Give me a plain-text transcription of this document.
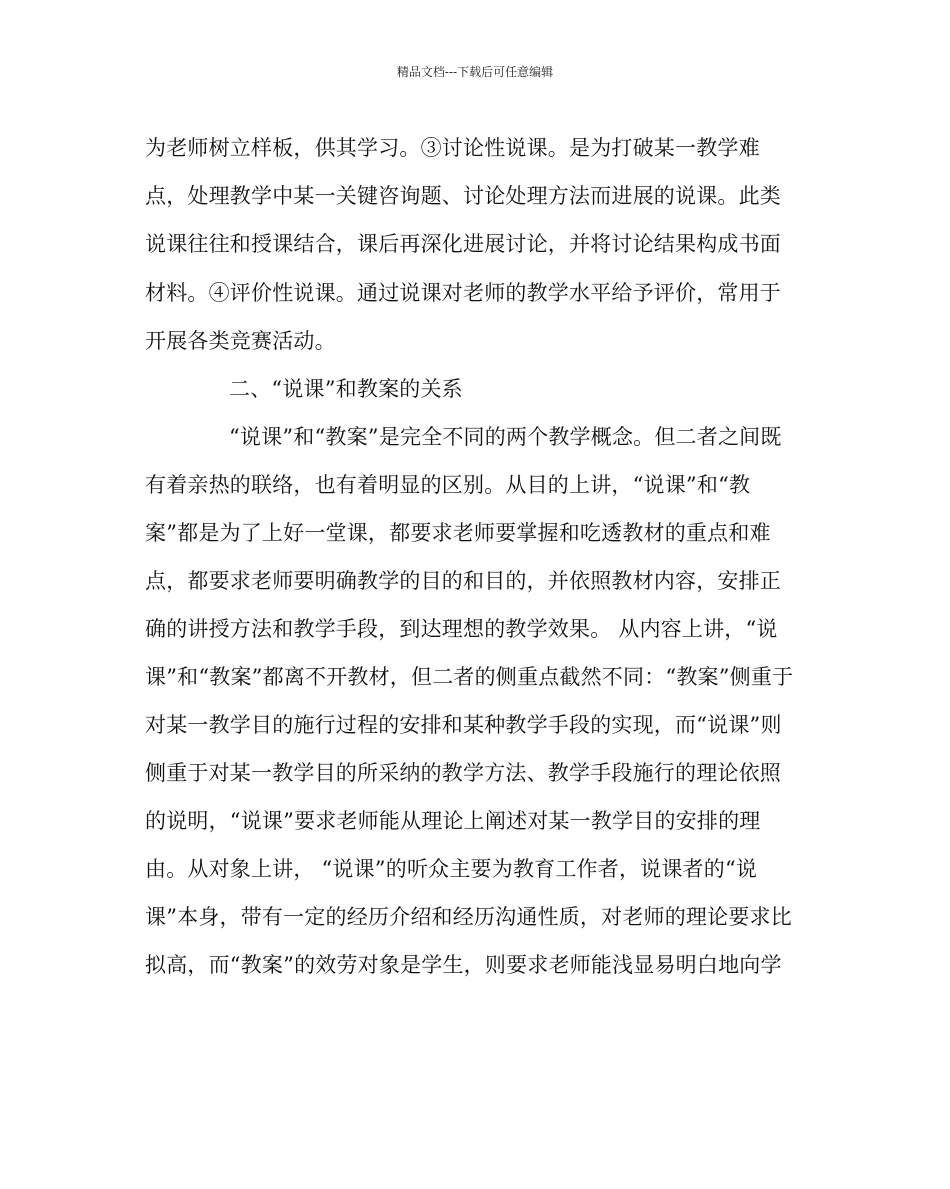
精品文档---下载后可任意编辑
为老师树立样板，供其学习。③讨论性说课。是为打破某一教学难
点，处理教学中某一关键咨询题、讨论处理方法而进展的说课。此类
说课往往和授课结合，课后再深化进展讨论，并将讨论结果构成书面
材料。④评价性说课。通过说课对老师的教学水平给予评价，常用于
开展各类竞赛活动。
二、“说课”和教案的关系
“说课”和“教案”是完全不同的两个教学概念。但二者之间既
有着亲热的联络，也有着明显的区别。从目的上讲，“说课”和“教
案”都是为了上好一堂课，都要求老师要掌握和吃透教材的重点和难
点，都要求老师要明确教学的目的和目的，并依照教材内容，安排正
确的讲授方法和教学手段，到达理想的教学效果。 从内容上讲，“说
课”和“教案”都离不开教材，但二者的侧重点截然不同：“教案”侧重于
对某一教学目的施行过程的安排和某种教学手段的实现，而“说课”则
侧重于对某一教学目的所采纳的教学方法、教学手段施行的理论依照
的说明，“说课”要求老师能从理论上阐述对某一教学目的安排的理
由。从对象上讲， “说课”的听众主要为教育工作者，说课者的“说
课”本身，带有一定的经历介绍和经历沟通性质，对老师的理论要求比
拟高，而“教案”的效劳对象是学生，则要求老师能浅显易明白地向学
